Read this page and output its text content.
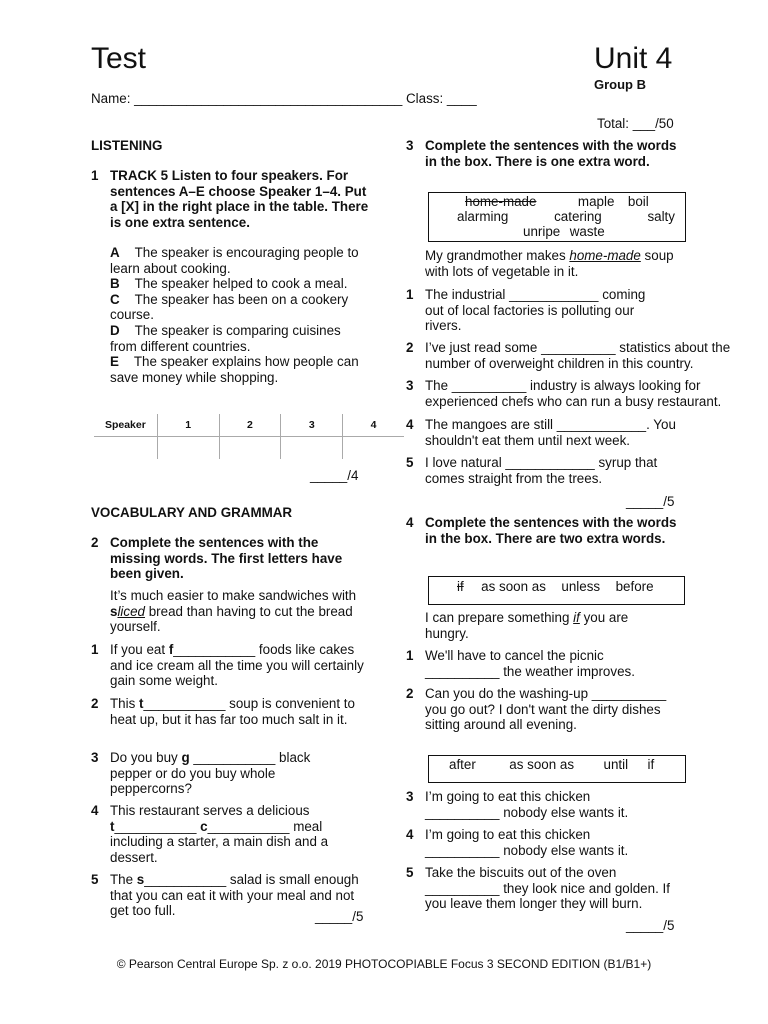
Test	Unit 4
Group B
Name: ____________________________________ Class: ____
Total: ___/50
LISTENING
1 TRACK 5 Listen to four speakers. For sentences A–E choose Speaker 1–4. Put a [X] in the right place in the table. There is one extra sentence.
A The speaker is encouraging people to learn about cooking.
B The speaker helped to cook a meal.
C The speaker has been on a cookery course.
D The speaker is comparing cuisines from different countries.
E The speaker explains how people can save money while shopping.
Speaker	1	2	3	4

_____/4
VOCABULARY AND GRAMMAR
2 Complete the sentences with the missing words. The first letters have been given.
It’s much easier to make sandwiches with sliced bread than having to cut the bread yourself.
1 If you eat f___________ foods like cakes and ice cream all the time you will certainly gain some weight.
2 This t___________ soup is convenient to heat up, but it has far too much salt in it.
3 Do you buy g ___________ black pepper or do you buy whole peppercorns?
4 This restaurant serves a delicious t___________ c___________ meal including a starter, a main dish and a dessert.
5 The s___________ salad is small enough that you can eat it with your meal and not get too full.	_____/5
3 Complete the sentences with the words in the box. There is one extra word.
home-made	maple boil
alarming	catering	salty
unripe waste
My grandmother makes home-made soup with lots of vegetable in it.
1 The industrial ____________ coming out of local factories is polluting our rivers.
2 I’ve just read some __________ statistics about the number of overweight children in this country.
3 The __________ industry is always looking for experienced chefs who can run a busy restaurant.
4 The mangoes are still ____________. You shouldn't eat them until next week.
5 I love natural ____________ syrup that comes straight from the trees.
_____/5
4 Complete the sentences with the words in the box. There are two extra words.
if as soon as unless before
I can prepare something if you are hungry.
1 We'll have to cancel the picnic __________ the weather improves.
2 Can you do the washing-up __________ you go out? I don't want the dirty dishes sitting around all evening.
after as soon as until if
3 I’m going to eat this chicken __________ nobody else wants it.
4 I’m going to eat this chicken __________ nobody else wants it.
5 Take the biscuits out of the oven __________ they look nice and golden. If you leave them longer they will burn.
_____/5
© Pearson Central Europe Sp. z o.o. 2019 PHOTOCOPIABLE Focus 3 SECOND EDITION (B1/B1+)
